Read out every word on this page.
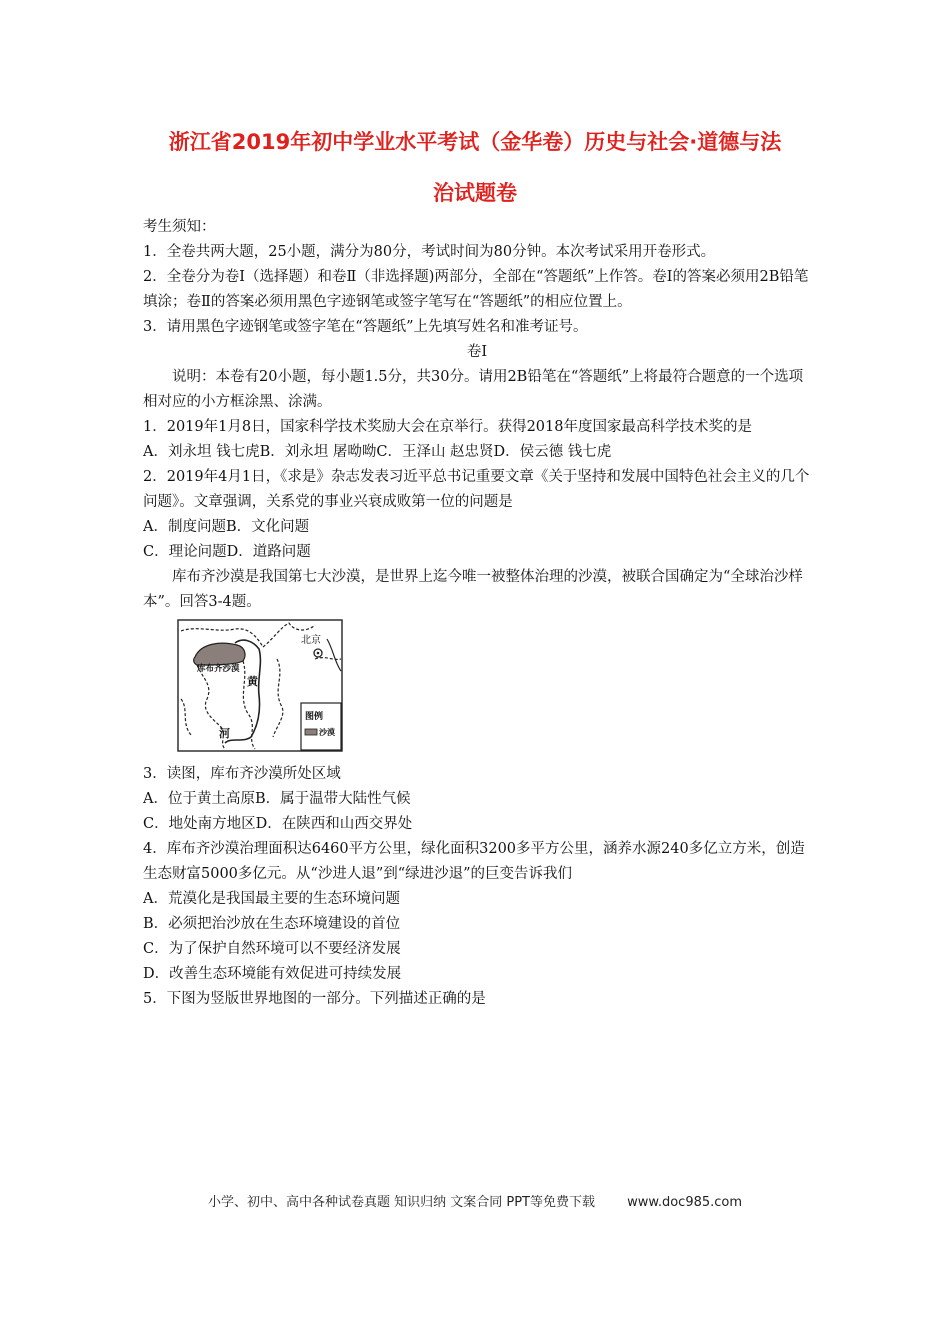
浙江省2019年初中学业水平考试（金华卷）历史与社会·道德与法
治试题卷

考生须知：

1．全卷共两大题，25小题，满分为80分，考试时间为80分钟。本次考试采用开卷形式。

2．全卷分为卷Ⅰ（选择题）和卷Ⅱ（非选择题)两部分，全部在“答题纸”上作答。卷Ⅰ的答案必须用2B铅笔填涂；卷Ⅱ的答案必须用黑色字迹钢笔或签字笔写在“答题纸”的相应位置上。

3．请用黑色字迹钢笔或签字笔在“答题纸”上先填写姓名和准考证号。

卷Ⅰ

说明：本卷有20小题，每小题1.5分，共30分。请用2B铅笔在“答题纸”上将最符合题意的一个选项相对应的小方框涂黑、涂满。

1．2019年1月8日，国家科学技术奖励大会在京举行。获得2018年度国家最高科学技术奖的是

A．刘永坦 钱七虎B．刘永坦 屠呦呦C．王泽山 赵忠贤D．侯云德 钱七虎

2．2019年4月1日，《求是》杂志发表习近平总书记重要文章《关于坚持和发展中国特色社会主义的几个问题》。文章强调，关系党的事业兴衰成败第一位的问题是

A．制度问题B．文化问题

C．理论问题D．道路问题

库布齐沙漠是我国第七大沙漠，是世界上迄今唯一被整体治理的沙漠，被联合国确定为“全球治沙样本”。回答3-4题。

图例
沙漠
库布齐沙漠
北京
黄
河

3．读图，库布齐沙漠所处区域

A．位于黄土高原B．属于温带大陆性气候

C．地处南方地区D．在陕西和山西交界处

4．库布齐沙漠治理面积达6460平方公里，绿化面积3200多平方公里，涵养水源240多亿立方米，创造生态财富5000多亿元。从“沙进人退”到“绿进沙退”的巨变告诉我们

A．荒漠化是我国最主要的生态环境问题

B．必须把治沙放在生态环境建设的首位

C．为了保护自然环境可以不要经济发展

D．改善生态环境能有效促进可持续发展

5．下图为竖版世界地图的一部分。下列描述正确的是

小学、初中、高中各种试卷真题 知识归纳 文案合同 PPT等免费下载 www.doc985.com
